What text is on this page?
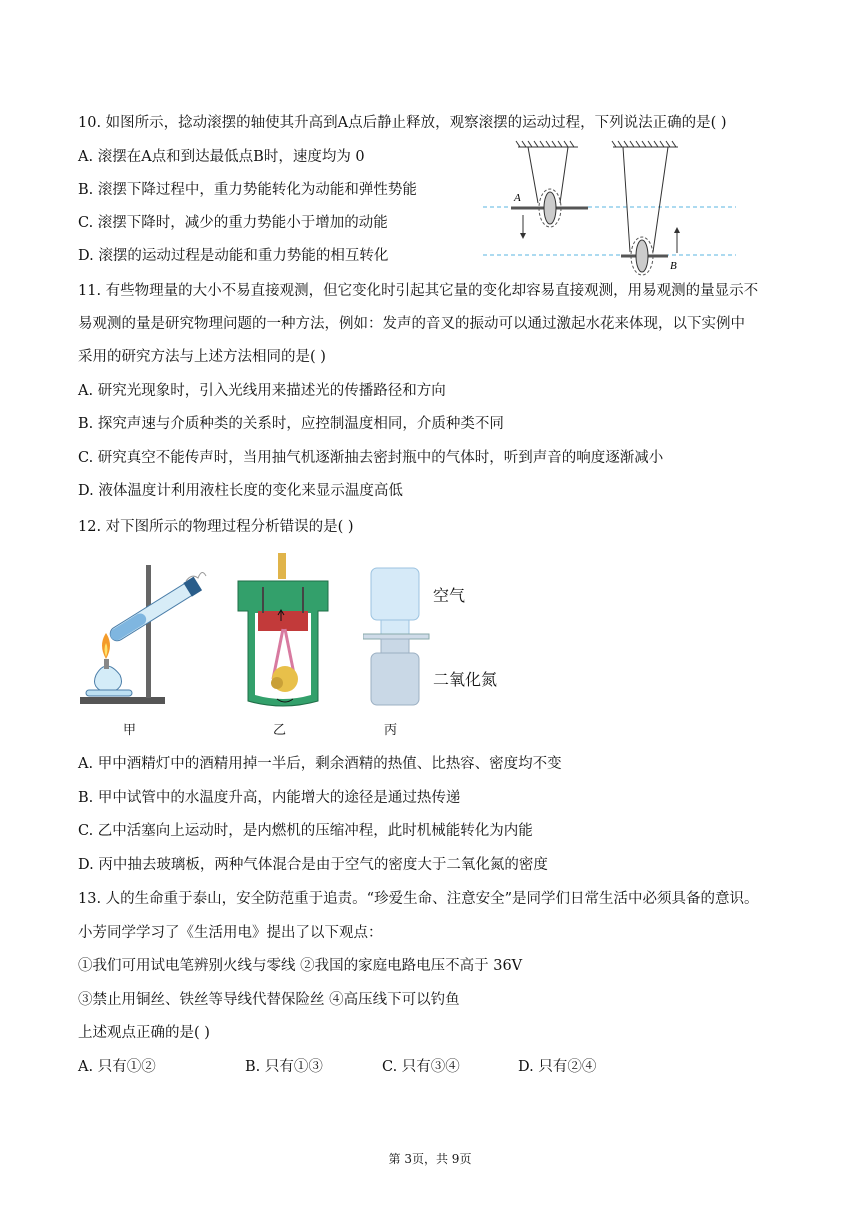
10. 如图所示，捻动滚摆的轴使其升高到A点后静止释放，观察滚摆的运动过程，下列说法正确的是( )
A. 滚摆在A点和到达最低点B时，速度均为 0
B. 滚摆下降过程中，重力势能转化为动能和弹性势能
C. 滚摆下降时，减少的重力势能小于增加的动能
D. 滚摆的运动过程是动能和重力势能的相互转化
A
B
11. 有些物理量的大小不易直接观测，但它变化时引起其它量的变化却容易直接观测，用易观测的量显示不
易观测的量是研究物理问题的一种方法，例如：发声的音叉的振动可以通过激起水花来体现，以下实例中
采用的研究方法与上述方法相同的是( )
A. 研究光现象时，引入光线用来描述光的传播路径和方向
B. 探究声速与介质种类的关系时，应控制温度相同，介质种类不同
C. 研究真空不能传声时，当用抽气机逐渐抽去密封瓶中的气体时，听到声音的响度逐渐减小
D. 液体温度计利用液柱长度的变化来显示温度高低
12. 对下图所示的物理过程分析错误的是( )
甲	乙
空气
二氧化氮
丙
A. 甲中酒精灯中的酒精用掉一半后，剩余酒精的热值、比热容、密度均不变
B. 甲中试管中的水温度升高，内能增大的途径是通过热传递
C. 乙中活塞向上运动时，是内燃机的压缩冲程，此时机械能转化为内能
D. 丙中抽去玻璃板，两种气体混合是由于空气的密度大于二氧化氮的密度
13. 人的生命重于泰山，安全防范重于追责。“珍爱生命、注意安全”是同学们日常生活中必须具备的意识。
小芳同学学习了《生活用电》提出了以下观点：
①我们可用试电笔辨别火线与零线 ②我国的家庭电路电压不高于 36V
③禁止用铜丝、铁丝等导线代替保险丝 ④高压线下可以钓鱼
上述观点正确的是( )
A. 只有①②	B. 只有①③	C. 只有③④	D. 只有②④
第 3页，共 9页
